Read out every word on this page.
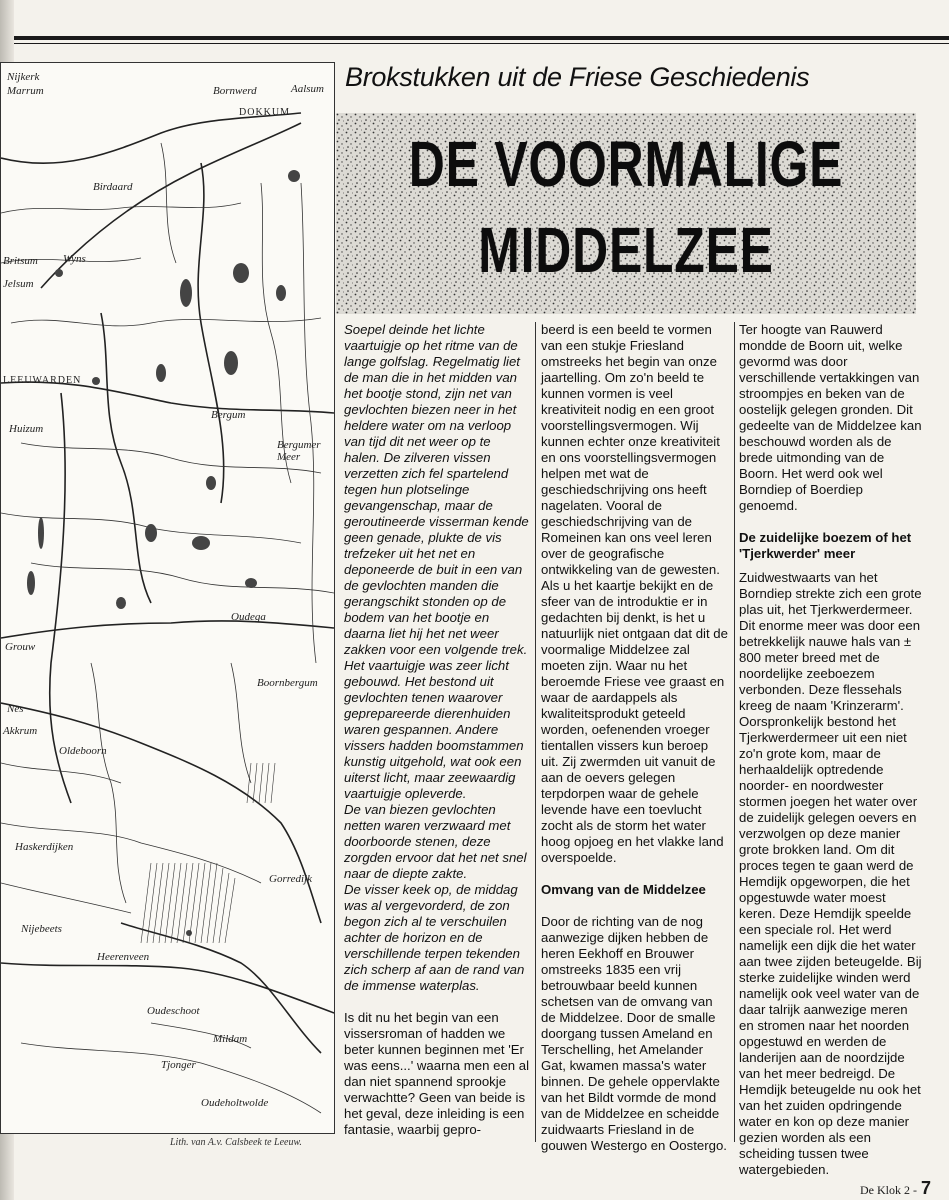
Nijkerk
Marrum	Bornwerd	Aalsum
DOKKUM
Birdaard
Britsum Wyns
Jelsum
LEEUWARDEN
Huizum
Bergum
Bergumer Meer
Oudega
Grouw
Boornbergum
Nes
Akkrum
Oldeboorn
Haskerdijken
Gorredijk
Nijebeets
Heerenveen
Oudeschoot
Mildam
Tjonger
Oudeholtwolde
Lith. van A.v. Calsbeek te Leeuw.
Brokstukken uit de Friese Geschiedenis
DE VOORMALIGE
MIDDELZEE

Soepel deinde het lichte vaartuigje op het ritme van de lange golfslag. Regelmatig liet de man die in het midden van het bootje stond, zijn net van gevlochten biezen neer in het heldere water om na verloop van tijd dit net weer op te halen. De zilveren vissen verzetten zich fel spartelend tegen hun plotselinge gevangenschap, maar de geroutineerde visserman kende geen genade, plukte de vis trefzeker uit het net en deponeerde de buit in een van de gevlochten manden die gerangschikt stonden op de bodem van het bootje en daarna liet hij het net weer zakken voor een volgende trek.

Het vaartuigje was zeer licht gebouwd. Het bestond uit gevlochten tenen waarover geprepareerde dierenhuiden waren gespannen. Andere vissers hadden boomstammen kunstig uitgehold, wat ook een uiterst licht, maar zeewaardig vaartuigje opleverde.

De van biezen gevlochten netten waren verzwaard met doorboorde stenen, deze zorgden ervoor dat het net snel naar de diepte zakte.

De visser keek op, de middag was al vergevorderd, de zon begon zich al te verschuilen achter de horizon en de verschillende terpen tekenden zich scherp af aan de rand van de immense waterplas.

Is dit nu het begin van een vissersroman of hadden we beter kunnen beginnen met 'Er was eens...' waarna men een al dan niet spannend sprookje verwachtte? Geen van beide is het geval, deze inleiding is een fantasie, waarbij gepro-

beerd is een beeld te vormen van een stukje Friesland omstreeks het begin van onze jaartelling. Om zo'n beeld te kunnen vormen is veel kreativiteit nodig en een groot voorstellingsvermogen. Wij kunnen echter onze kreativiteit en ons voorstellingsvermogen helpen met wat de geschiedschrijving ons heeft nagelaten. Vooral de geschiedschrijving van de Romeinen kan ons veel leren over de geografische ontwikkeling van de gewesten.

Als u het kaartje bekijkt en de sfeer van de introduktie er in gedachten bij denkt, is het u natuurlijk niet ontgaan dat dit de voormalige Middelzee zal moeten zijn. Waar nu het beroemde Friese vee graast en waar de aardappels als kwaliteitsprodukt geteeld worden, oefenenden vroeger tientallen vissers kun beroep uit. Zij zwermden uit vanuit de aan de oevers gelegen terpdorpen waar de gehele levende have een toevlucht zocht als de storm het water hoog opjoeg en het vlakke land overspoelde.

Omvang van de Middelzee

Door de richting van de nog aanwezige dijken hebben de heren Eekhoff en Brouwer omstreeks 1835 een vrij betrouwbaar beeld kunnen schetsen van de omvang van de Middelzee. Door de smalle doorgang tussen Ameland en Terschelling, het Amelander Gat, kwamen massa's water binnen. De gehele oppervlakte van het Bildt vormde de mond van de Middelzee en scheidde zuidwaarts Friesland in de gouwen Westergo en Oostergo.

Ter hoogte van Rauwerd mondde de Boorn uit, welke gevormd was door verschillende vertakkingen van stroompjes en beken van de oostelijk gelegen gronden. Dit gedeelte van de Middelzee kan beschouwd worden als de brede uitmonding van de Boorn. Het werd ook wel Borndiep of Boerdiep genoemd.

De zuidelijke boezem of het 'Tjerkwerder' meer

Zuidwestwaarts van het Borndiep strekte zich een grote plas uit, het Tjerkwerdermeer. Dit enorme meer was door een betrekkelijk nauwe hals van ± 800 meter breed met de noordelijke zeeboezem verbonden. Deze flessehals kreeg de naam 'Krinzerarm'.

Oorspronkelijk bestond het Tjerkwerdermeer uit een niet zo'n grote kom, maar de herhaaldelijk optredende noorder- en noordwester stormen joegen het water over de zuidelijk gelegen oevers en verzwolgen op deze manier grote brokken land. Om dit proces tegen te gaan werd de Hemdijk opgeworpen, die het opgestuwde water moest keren. Deze Hemdijk speelde een speciale rol. Het werd namelijk een dijk die het water aan twee zijden beteugelde. Bij sterke zuidelijke winden werd namelijk ook veel water van de daar talrijk aanwezige meren en stromen naar het noorden opgestuwd en werden de landerijen aan de noordzijde van het meer bedreigd. De Hemdijk beteugelde nu ook het van het zuiden opdringende water en kon op deze manier gezien worden als een scheiding tussen twee watergebieden.

De Klok 2 - 7
